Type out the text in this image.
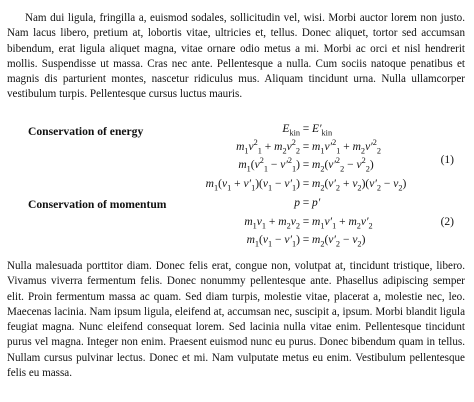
Nam dui ligula, fringilla a, euismod sodales, sollicitudin vel, wisi. Morbi auctor lorem non justo. Nam lacus libero, pretium at, lobortis vitae, ultricies et, tellus. Donec aliquet, tortor sed accumsan bibendum, erat ligula aliquet magna, vitae ornare odio metus a mi. Morbi ac orci et nisl hendrerit mollis. Suspendisse ut massa. Cras nec ante. Pellentesque a nulla. Cum sociis natoque penatibus et magnis dis parturient montes, nascetur ridiculus mus. Aliquam tincidunt urna. Nulla ullamcorper vestibulum turpis. Pellentesque cursus luctus mauris.

Conservation of energy	$E_{kin} = E'_{kin}$
$m_1v^2_1 + m_2v^2_2 = m_1v'^2_1 + m_2v'^2_2$
$m_1(v^2_1 - v'^2_1) = m_2(v'^2_2 - v^2_2)$	(1)
$m_1(v_1 + v'_1)(v_1 - v'_1) = m_2(v'_2 + v_2)(v'_2 - v_2)$
Conservation of momentum	p = p′
$m_1v_1 + m_2v_2 = m_1v'_1 + m_2v'_2$	(2)
$m_1(v_1 - v'_1) = m_2(v'_2 - v_2)$

Nulla malesuada porttitor diam. Donec felis erat, congue non, volutpat at, tincidunt tristique, libero. Vivamus viverra fermentum felis. Donec nonummy pellentesque ante. Phasellus adipiscing semper elit. Proin fermentum massa ac quam. Sed diam turpis, molestie vitae, placerat a, molestie nec, leo. Maecenas lacinia. Nam ipsum ligula, eleifend at, accumsan nec, suscipit a, ipsum. Morbi blandit ligula feugiat magna. Nunc eleifend consequat lorem. Sed lacinia nulla vitae enim. Pellentesque tincidunt purus vel magna. Integer non enim. Praesent euismod nunc eu purus. Donec bibendum quam in tellus. Nullam cursus pulvinar lectus. Donec et mi. Nam vulputate metus eu enim. Vestibulum pellentesque felis eu massa.
